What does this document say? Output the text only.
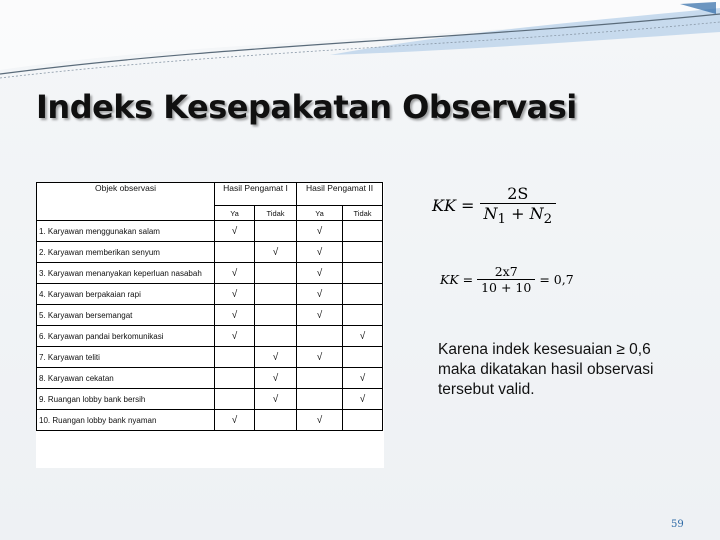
Indeks Kesepakatan Observasi
Objek observasi	Hasil Pengamat I		Hasil Pengamat II	
	Ya	Tidak	Ya	Tidak
1. Karyawan menggunakan salam	√		√	
2. Karyawan memberikan senyum		√	√	
3. Karyawan menanyakan keperluan nasabah	√		√	
4. Karyawan berpakaian rapi	√		√	
5. Karyawan bersemangat	√		√	
6. Karyawan pandai berkomunikasi	√			√
7. Karyawan teliti		√	√	
8. Karyawan cekatan		√		√
9. Ruangan lobby bank bersih		√		√
10. Ruangan lobby bank nyaman	√		√	
KK = $\frac{2S}{N_1 + N_2}$
KK = $\frac{2x7}{10 + 10} = 0,7$
Karena indek kesesuaian ≥ 0,6 maka dikatakan hasil observasi tersebut valid.
59
